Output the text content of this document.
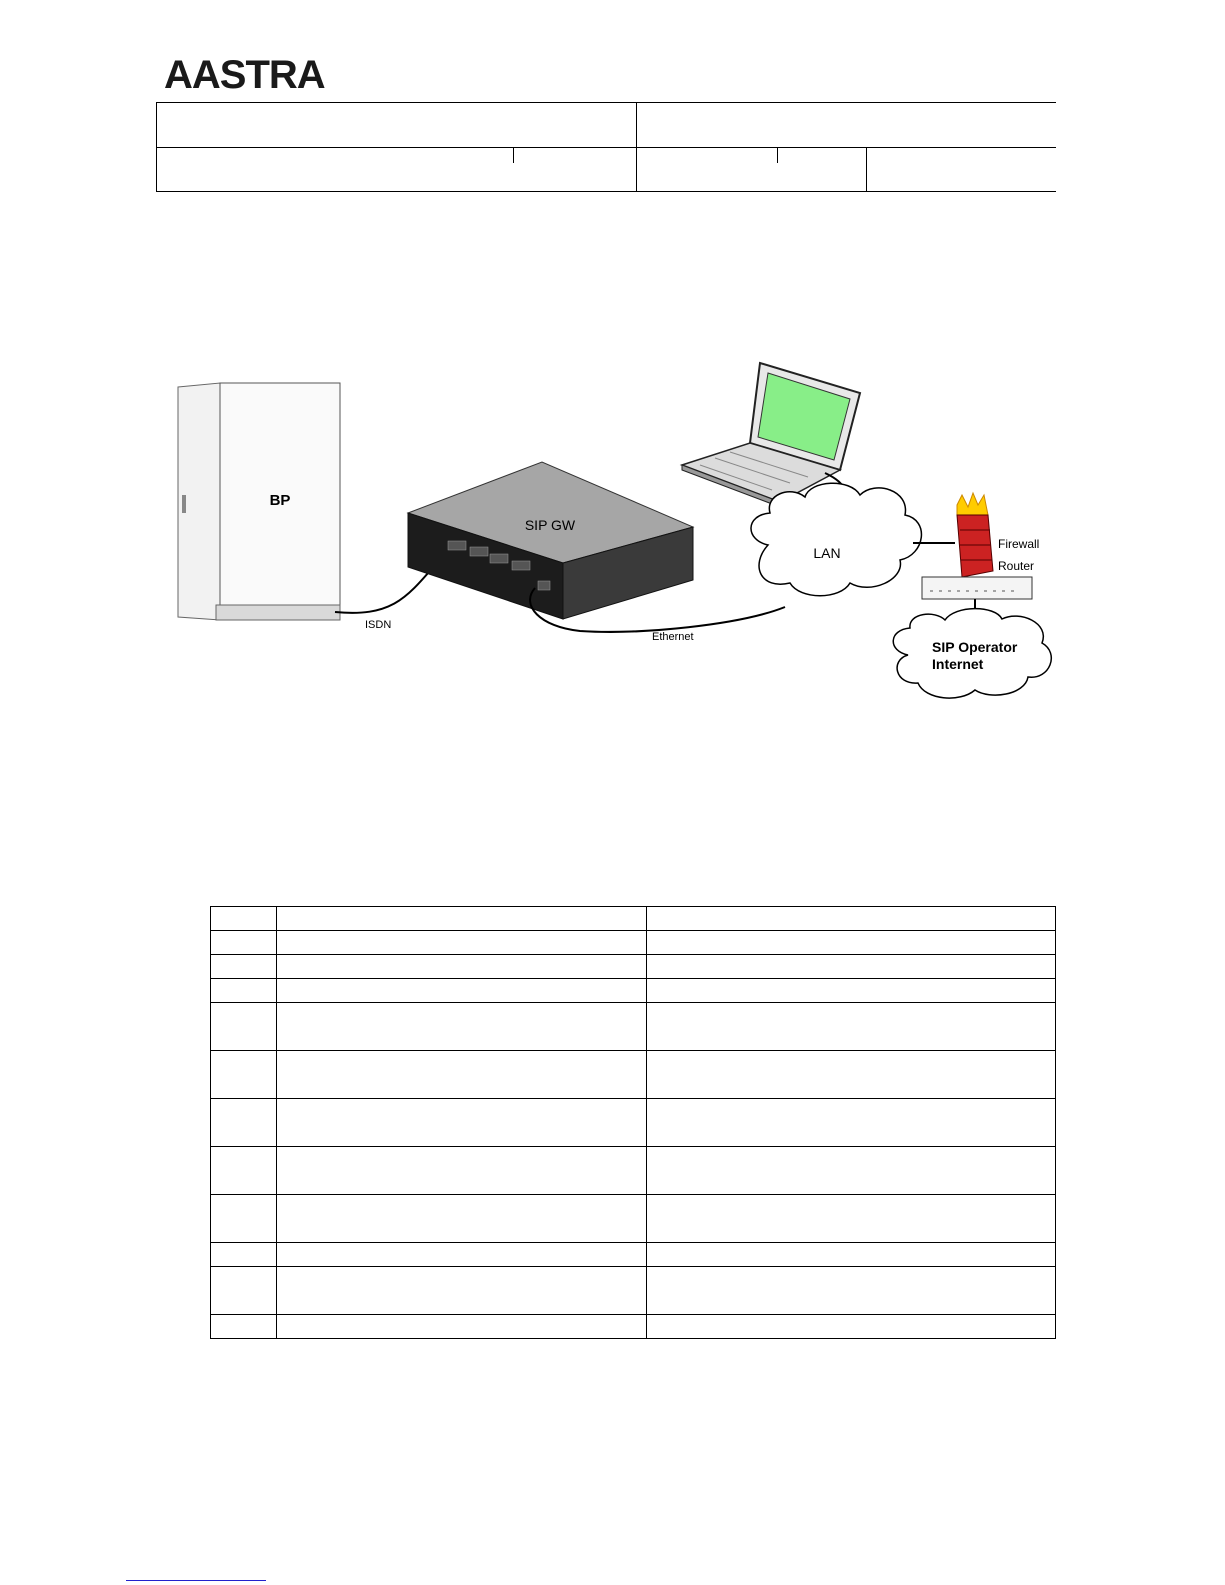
AASTRA
BP
ISDN
SIP GW
Ethernet
LAN
Firewall
Router
SIP Operator
Internet
